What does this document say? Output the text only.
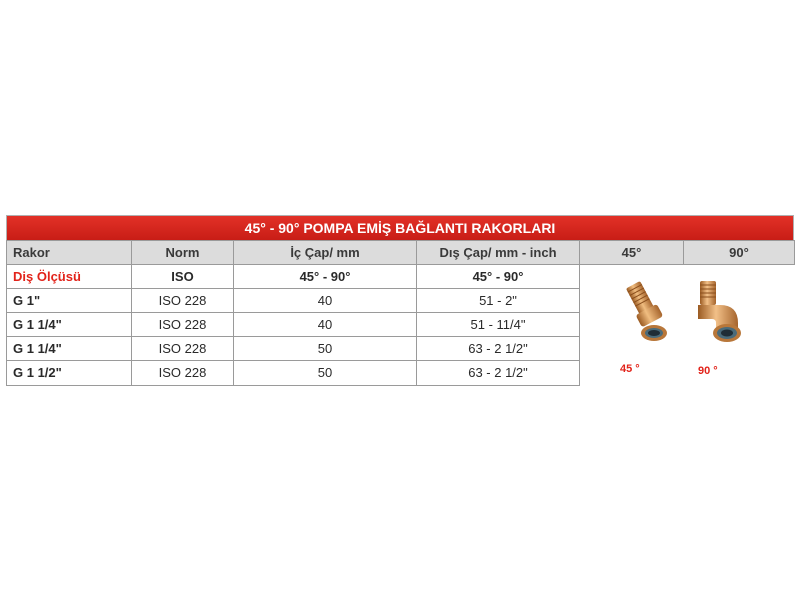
45° - 90° POMPA EMİŞ BAĞLANTI RAKORLARI
Rakor	Norm	İç Çap/ mm	Dış Çap/ mm - inch	45°	90°
Diş Ölçüsü	ISO	45° - 90°	45° - 90°	45 ° 90 °	

G 1"	ISO 228	40	51 - 2"		
G 1 1/4"	ISO 228	40	51 - 11/4"		
G 1 1/4"	ISO 228	50	63 - 2 1/2"		
G 1 1/2"	ISO 228	50	63 - 2 1/2"		
